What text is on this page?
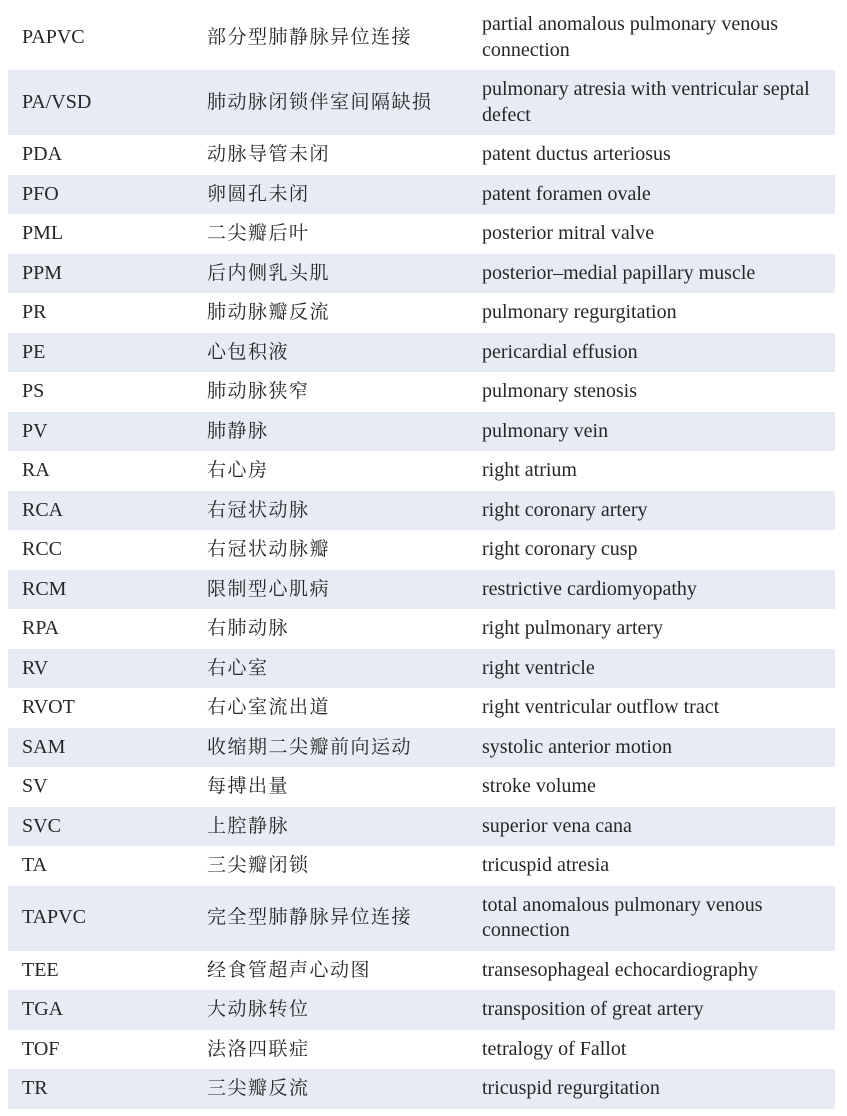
PAPVC	部分型肺静脉异位连接	partial anomalous pulmonary venous connection
PA/VSD	肺动脉闭锁伴室间隔缺损	pulmonary atresia with ventricular septal defect
PDA	动脉导管未闭	patent ductus arteriosus
PFO	卵圆孔未闭	patent foramen ovale
PML	二尖瓣后叶	posterior mitral valve
PPM	后内侧乳头肌	posterior–medial papillary muscle
PR	肺动脉瓣反流	pulmonary regurgitation
PE	心包积液	pericardial effusion
PS	肺动脉狭窄	pulmonary stenosis
PV	肺静脉	pulmonary vein
RA	右心房	right atrium
RCA	右冠状动脉	right coronary artery
RCC	右冠状动脉瓣	right coronary cusp
RCM	限制型心肌病	restrictive cardiomyopathy
RPA	右肺动脉	right pulmonary artery
RV	右心室	right ventricle
RVOT	右心室流出道	right ventricular outflow tract
SAM	收缩期二尖瓣前向运动	systolic anterior motion
SV	每搏出量	stroke volume
SVC	上腔静脉	superior vena cana
TA	三尖瓣闭锁	tricuspid atresia
TAPVC	完全型肺静脉异位连接	total anomalous pulmonary venous connection
TEE	经食管超声心动图	transesophageal echocardiography
TGA	大动脉转位	transposition of great artery
TOF	法洛四联症	tetralogy of Fallot
TR	三尖瓣反流	tricuspid regurgitation
